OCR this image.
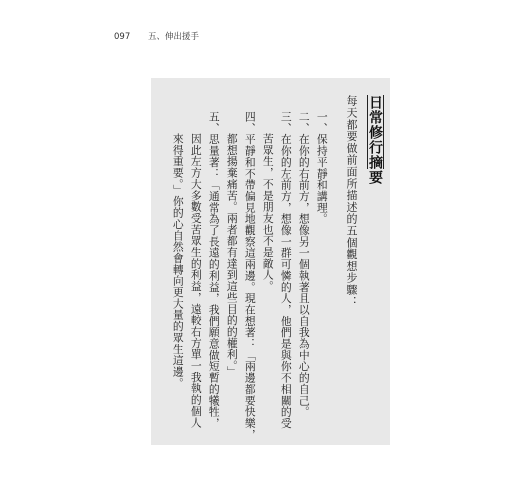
097 五、伸出援手
日常修行摘要
每天都要做前面所描述的五個觀想步驟：
一、保持平靜和講理。
二、在你的右前方，想像另一個執著且以自我為中心的自己。
三、在你的左前方，想像一群可憐的人，他們是與你不相關的受
苦眾生，不是朋友也不是敵人。
四、平靜和不帶偏見地觀察這兩邊。現在想著：「兩邊都要快樂，
都想揚棄痛苦。兩者都有達到這些目的的權利。」
五、思量著：「通常為了長遠的利益，我們願意做短暫的犧牲，
因此左方大多數受苦眾生的利益，遠較右方單一我執的個人
來得重要。」你的心自然會轉向更大量的眾生這邊。
